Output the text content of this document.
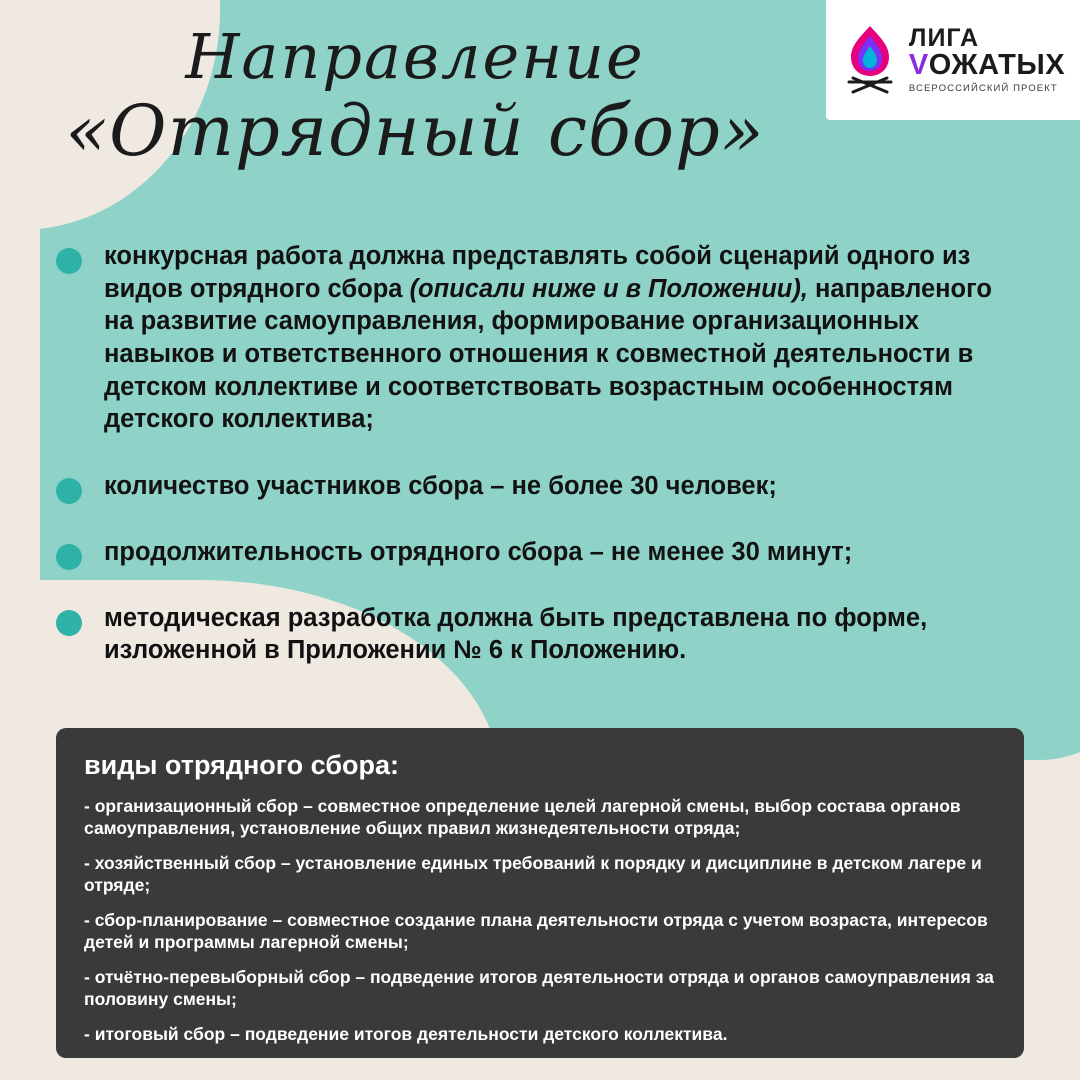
Направление
«Отрядный сбор»
ЛИГА
VОЖАТЫХ
ВСЕРОССИЙСКИЙ ПРОЕКТ
конкурсная работа должна представлять собой сценарий одного из видов отрядного сбора (описали ниже и в Положении), направленого на развитие самоуправления, формирование организационных навыков и ответственного отношения к совместной деятельности в детском коллективе и соответствовать возрастным особенностям детского коллектива;
количество участников сбора – не более 30 человек;
продолжительность отрядного сбора – не менее 30 минут;
методическая разработка должна быть представлена по форме, изложенной в Приложении № 6 к Положению.
виды отрядного сбора:
- организационный сбор – совместное определение целей лагерной смены, выбор состава органов самоуправления, установление общих правил жизнедеятельности отряда;
- хозяйственный сбор – установление единых требований к порядку и дисциплине в детском лагере и отряде;
- сбор-планирование – совместное создание плана деятельности отряда с учетом возраста, интересов детей и программы лагерной смены;
- отчётно-перевыборный сбор – подведение итогов деятельности отряда и органов самоуправления за половину смены;
- итоговый сбор – подведение итогов деятельности детского коллектива.
